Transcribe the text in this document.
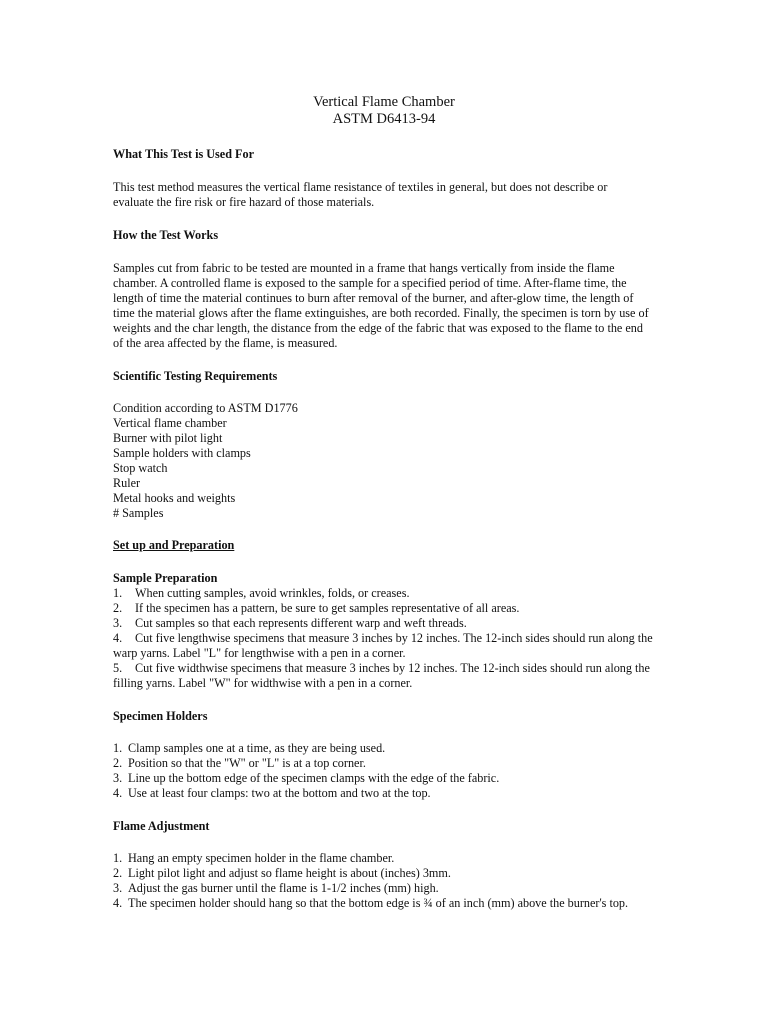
Vertical Flame Chamber
ASTM D6413-94
What This Test is Used For
This test method measures the vertical flame resistance of textiles in general, but does not describe or evaluate the fire risk or fire hazard of those materials.
How the Test Works
Samples cut from fabric to be tested are mounted in a frame that hangs vertically from inside the flame chamber. A controlled flame is exposed to the sample for a specified period of time. After-flame time, the length of time the material continues to burn after removal of the burner, and after-glow time, the length of time the material glows after the flame extinguishes, are both recorded. Finally, the specimen is torn by use of weights and the char length, the distance from the edge of the fabric that was exposed to the flame to the end of the area affected by the flame, is measured.
Scientific Testing Requirements
Condition according to ASTM D1776
Vertical flame chamber
Burner with pilot light
Sample holders with clamps
Stop watch
Ruler
Metal hooks and weights
# Samples
Set up and Preparation
Sample Preparation
1. When cutting samples, avoid wrinkles, folds, or creases.
2. If the specimen has a pattern, be sure to get samples representative of all areas.
3. Cut samples so that each represents different warp and weft threads.
4. Cut five lengthwise specimens that measure 3 inches by 12 inches. The 12-inch sides should run along the warp yarns. Label "L" for lengthwise with a pen in a corner.
5. Cut five widthwise specimens that measure 3 inches by 12 inches. The 12-inch sides should run along the filling yarns. Label "W" for widthwise with a pen in a corner.
Specimen Holders
1. Clamp samples one at a time, as they are being used.
2. Position so that the "W" or "L" is at a top corner.
3. Line up the bottom edge of the specimen clamps with the edge of the fabric.
4. Use at least four clamps: two at the bottom and two at the top.
Flame Adjustment
1. Hang an empty specimen holder in the flame chamber.
2. Light pilot light and adjust so flame height is about (inches) 3mm.
3. Adjust the gas burner until the flame is 1-1/2 inches (mm) high.
4. The specimen holder should hang so that the bottom edge is ¾ of an inch (mm) above the burner's top.
